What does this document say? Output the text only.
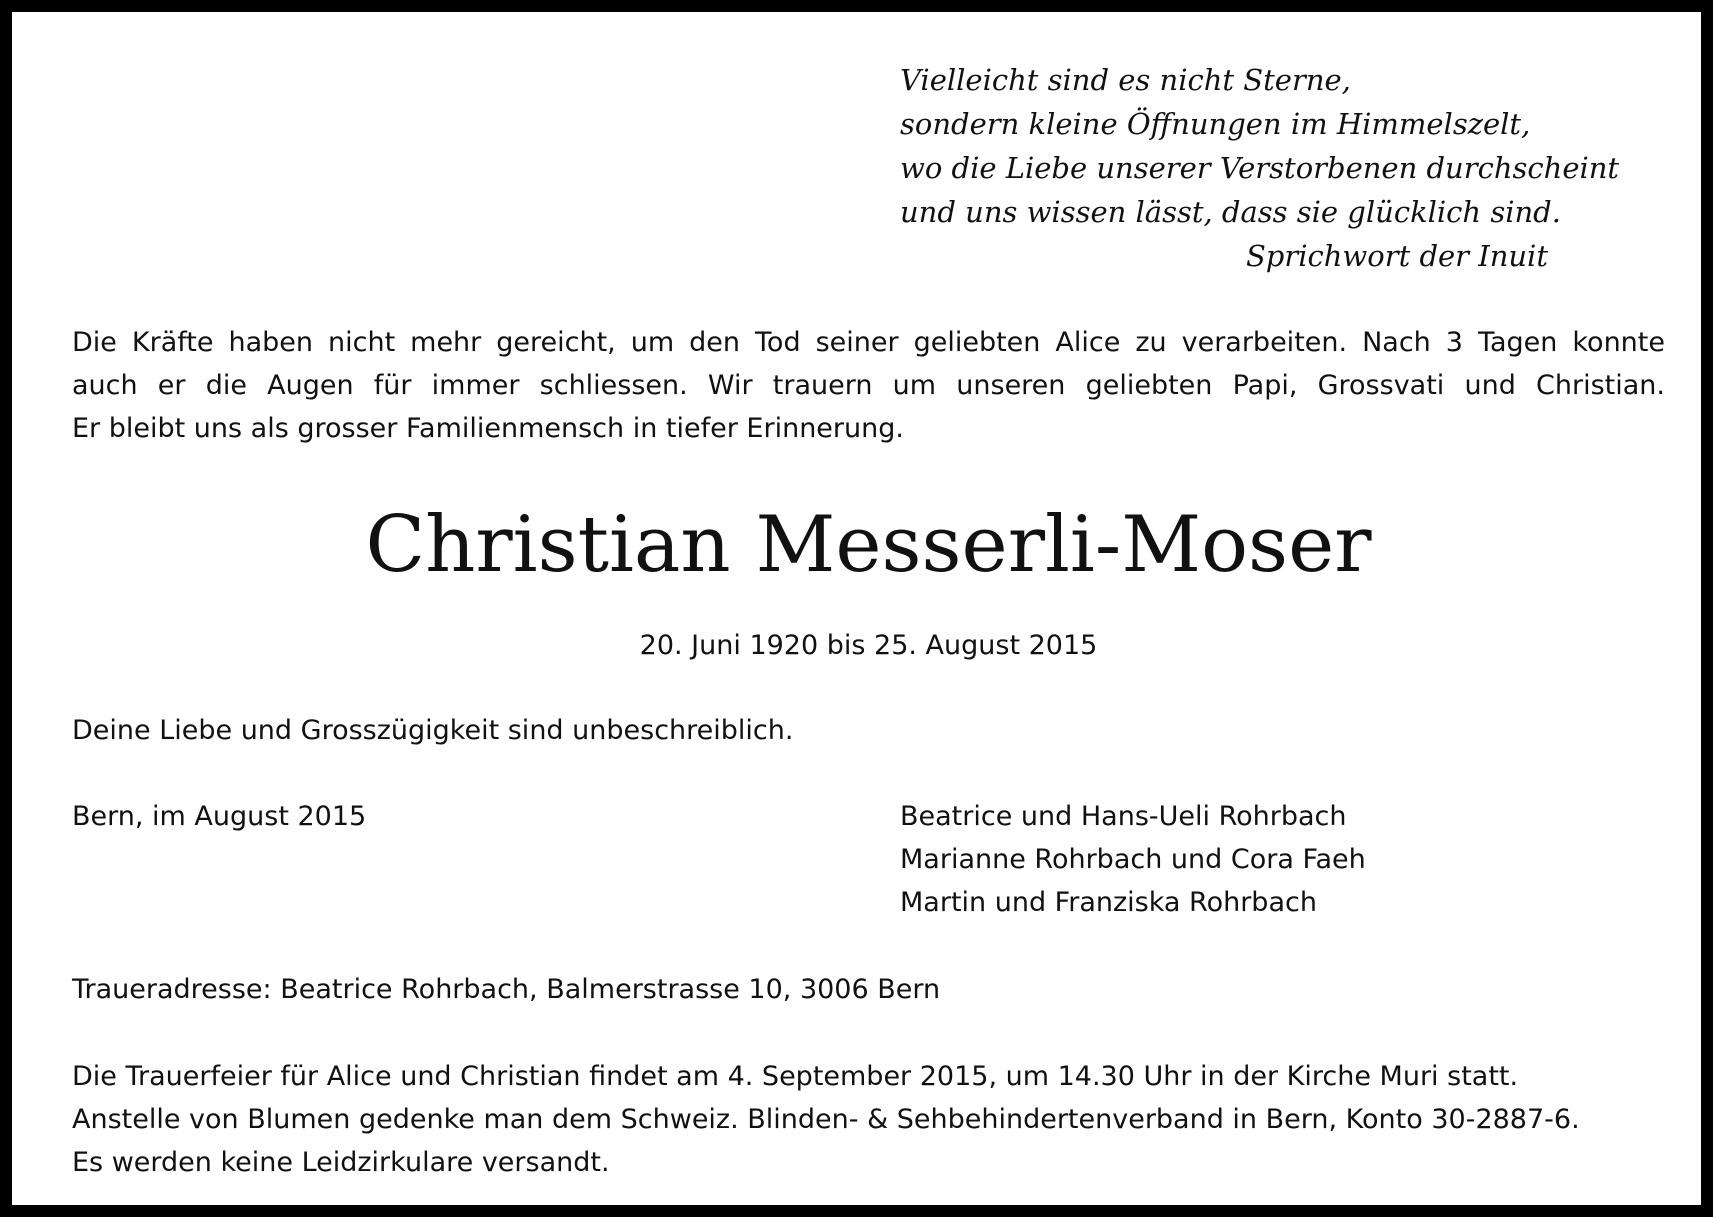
Vielleicht sind es nicht Sterne,
sondern kleine Öffnungen im Himmelszelt,
wo die Liebe unserer Verstorbenen durchscheint
und uns wissen lässt, dass sie glücklich sind.
Sprichwort der Inuit
Die Kräfte haben nicht mehr gereicht, um den Tod seiner geliebten Alice zu verarbeiten. Nach 3 Tagen konnte
auch er die Augen für immer schliessen. Wir trauern um unseren geliebten Papi, Grossvati und Christian.
Er bleibt uns als grosser Familienmensch in tiefer Erinnerung.
Christian Messerli-Moser
20. Juni 1920 bis 25. August 2015
Deine Liebe und Grosszügigkeit sind unbeschreiblich.
Bern, im August 2015	Beatrice und Hans-Ueli Rohrbach
Marianne Rohrbach und Cora Faeh
Martin und Franziska Rohrbach
Traueradresse: Beatrice Rohrbach, Balmerstrasse 10, 3006 Bern
Die Trauerfeier für Alice und Christian findet am 4. September 2015, um 14.30 Uhr in der Kirche Muri statt.
Anstelle von Blumen gedenke man dem Schweiz. Blinden- & Sehbehindertenverband in Bern, Konto 30-2887-6.
Es werden keine Leidzirkulare versandt.
